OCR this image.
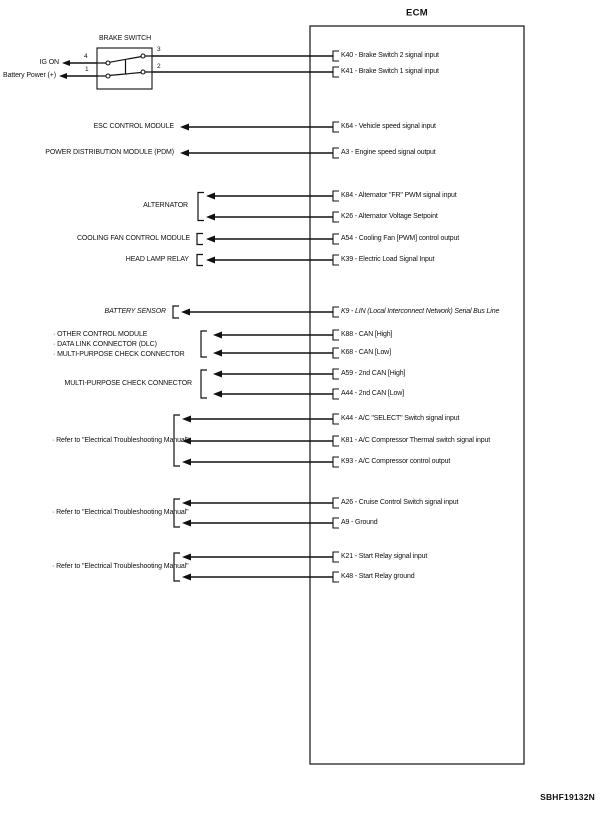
ECM
SBHF19132N
BRAKE SWITCH
3
2
4
1
IG ON
Battery Power (+)
ESC CONTROL MODULE
POWER DISTRIBUTION MODULE (PDM)
ALTERNATOR
COOLING FAN CONTROL MODULE
HEAD LAMP RELAY
BATTERY SENSOR
· OTHER CONTROL MODULE
· DATA LINK CONNECTOR (DLC)
· MULTI-PURPOSE CHECK CONNECTOR
MULTI-PURPOSE CHECK CONNECTOR
· Refer to "Electrical Troubleshooting Manual"
· Refer to "Electrical Troubleshooting Manual"
· Refer to "Electrical Troubleshooting Manual"
K40 - Brake Switch 2 signal input
K41 - Brake Switch 1 signal input
K64 - Vehicle speed signal input
A3 - Engine speed signal output
K84 - Alternator "FR" PWM signal input
K26 - Alternator Voltage Setpoint
A54 - Cooling Fan [PWM] control output
K39 - Electric Load Signal Input
K9 - LIN (Local Interconnect Network) Serial Bus Line
K88 - CAN [High]
K68 - CAN [Low]
A59 - 2nd CAN [High]
A44 - 2nd CAN [Low]
K44 - A/C "SELECT" Switch signal input
K81 - A/C Compressor Thermal switch signal input
K93 - A/C Compressor control output
A26 - Cruise Control Switch signal input
A9 - Ground
K21 - Start Relay signal input
K48 - Start Relay ground
